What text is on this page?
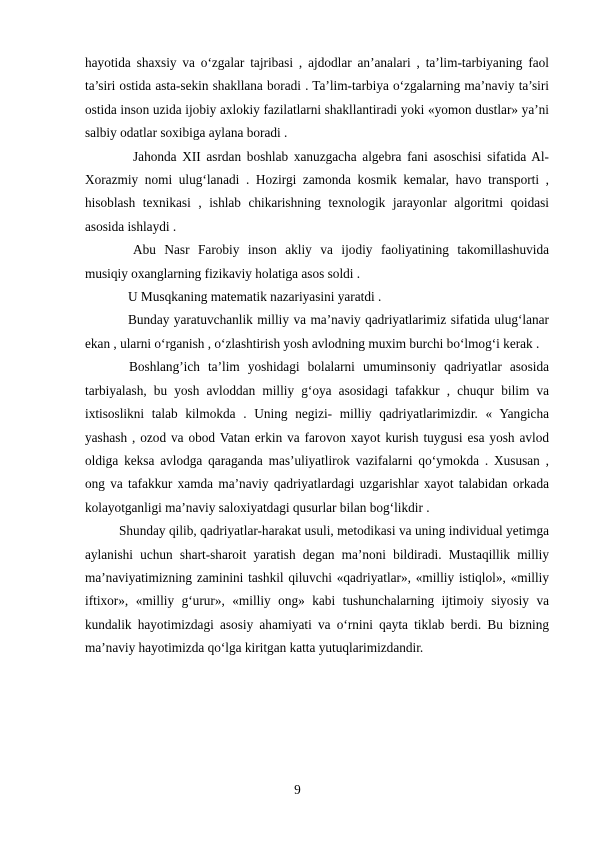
hayotida shaxsiy va o‘zgalar tajribasi , ajdodlar an’analari , ta’lim-tarbiyaning faol ta’siri ostida asta-sekin shakllana boradi . Ta’lim-tarbiya o‘zgalarning ma’naviy ta’siri ostida inson uzida ijobiy axlokiy fazilatlarni shakllantiradi yoki «yomon dustlar» ya’ni salbiy odatlar soxibiga aylana boradi .

Jahonda XII asrdan boshlab xanuzgacha algebra fani asoschisi sifatida Al-Xorazmiy nomi ulug‘lanadi . Hozirgi zamonda kosmik kemalar, havo transporti , hisoblash texnikasi , ishlab chikarishning texnologik jarayonlar algoritmi qoidasi asosida ishlaydi .

Abu Nasr Farobiy inson akliy va ijodiy faoliyatining takomillashuvida musiqiy oxanglarning fizikaviy holatiga asos soldi .

U Musqkaning matematik nazariyasini yaratdi .

Bunday yaratuvchanlik milliy va ma’naviy qadriyatlarimiz sifatida ulug‘lanar ekan , ularni o‘rganish , o‘zlashtirish yosh avlodning muxim burchi bo‘lmog‘i kerak .

Boshlang’ich ta’lim yoshidagi bolalarni umuminsoniy qadriyatlar asosida tarbiyalash, bu yosh avloddan milliy g‘oya asosidagi tafakkur , chuqur bilim va ixtisoslikni talab kilmokda . Uning negizi- milliy qadriyatlarimizdir. « Yangicha yashash , ozod va obod Vatan erkin va farovon xayot kurish tuygusi esa yosh avlod oldiga keksa avlodga qaraganda mas’uliyatlirok vazifalarni qo‘ymokda . Xususan , ong va tafakkur xamda ma’naviy qadriyatlardagi uzgarishlar xayot talabidan orkada kolayotganligi ma’naviy saloxiyatdagi qusurlar bilan bog‘likdir .

Shunday qilib, qadriyatlar-harakat usuli, metodikasi va uning individual yetimga aylanishi uchun shart-sharoit yaratish degan ma’noni bildiradi. Mustaqillik milliy ma’naviyatimizning zaminini tashkil qiluvchi «qadriyatlar», «milliy istiqlol», «milliy iftixor», «milliy g‘urur», «milliy ong» kabi tushunchalarning ijtimoiy siyosiy va kundalik hayotimizdagi asosiy ahamiyati va o‘rnini qayta tiklab berdi. Bu bizning ma’naviy hayotimizda qo‘lga kiritgan katta yutuqlarimizdandir.

9
